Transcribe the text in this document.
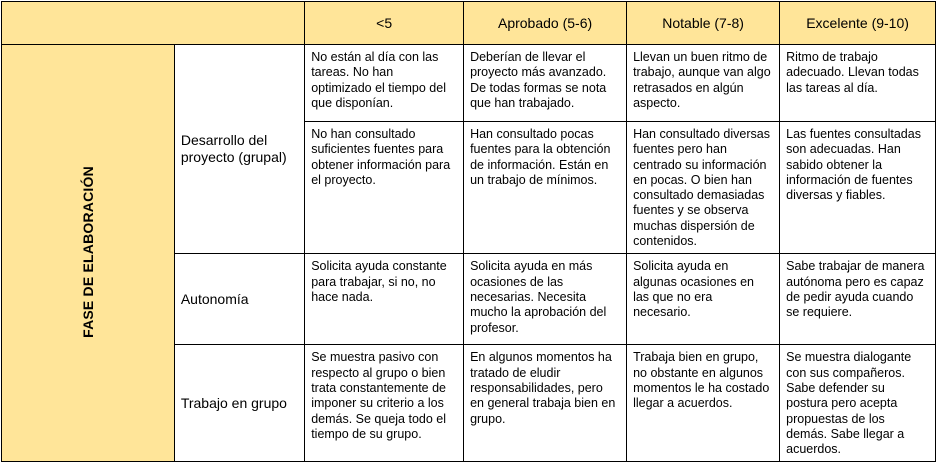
		<5	Aprobado (5-6)	Notable (7-8)	Excelente (9-10)
FASE DE ELABORACIÓN	Desarrollo del proyecto (grupal)	No están al día con las tareas. No han optimizado el tiempo del que disponían.	Deberían de llevar el proyecto más avanzado. De todas formas se nota que han trabajado.	Llevan un buen ritmo de trabajo, aunque van algo retrasados en algún aspecto.	Ritmo de trabajo adecuado. Llevan todas las tareas al día.
		No han consultado suficientes fuentes para obtener información para el proyecto.	Han consultado pocas fuentes para la obtención de información. Están en un trabajo de mínimos.	Han consultado diversas fuentes pero han centrado su información en pocas. O bien han consultado demasiadas fuentes y se observa muchas dispersión de contenidos.	Las fuentes consultadas son adecuadas. Han sabido obtener la información de fuentes diversas y fiables.
	Autonomía	Solicita ayuda constante para trabajar, si no, no hace nada.	Solicita ayuda en más ocasiones de las necesarias. Necesita mucho la aprobación del profesor.	Solicita ayuda en algunas ocasiones en las que no era necesario.	Sabe trabajar de manera autónoma pero es capaz de pedir ayuda cuando se requiere.
	Trabajo en grupo	Se muestra pasivo con respecto al grupo o bien trata constantemente de imponer su criterio a los demás. Se queja todo el tiempo de su grupo.	En algunos momentos ha tratado de eludir responsabilidades, pero en general trabaja bien en grupo.	Trabaja bien en grupo, no obstante en algunos momentos le ha costado llegar a acuerdos.	Se muestra dialogante con sus compañeros. Sabe defender su postura pero acepta propuestas de los demás. Sabe llegar a acuerdos.
